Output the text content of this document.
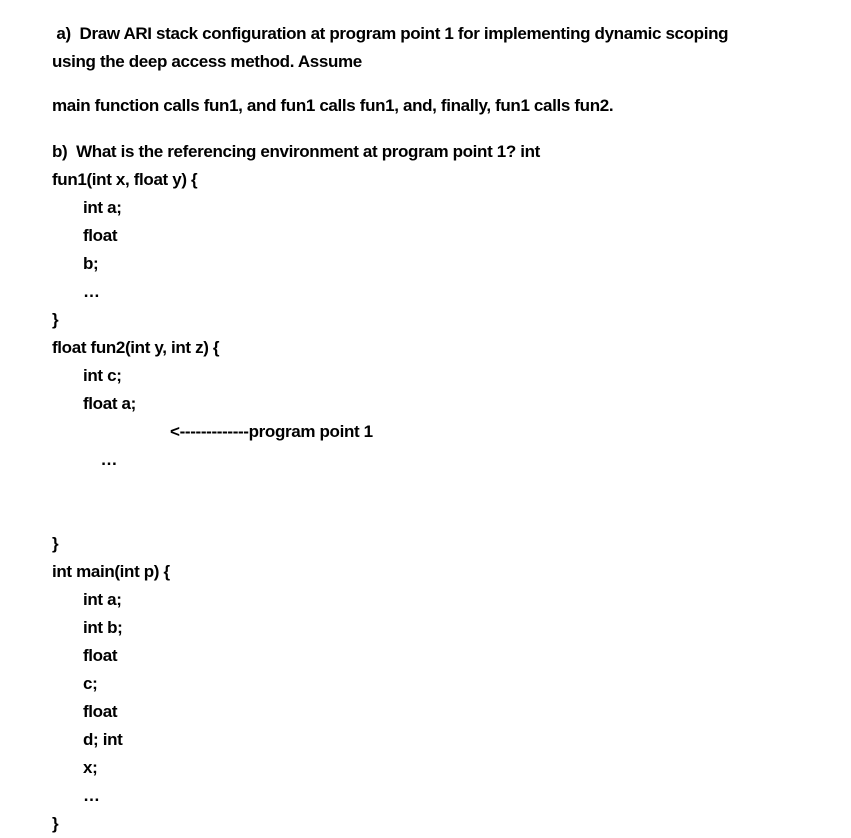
a)  Draw ARI stack configuration at program point 1 for implementing dynamic scoping
using the deep access method. Assume
main function calls fun1, and fun1 calls fun1, and, finally, fun1 calls fun2.
b)  What is the referencing environment at program point 1? int
fun1(int x, float y) {
int a;
float
b;
…
}
float fun2(int y, int z) {
int c;
float a;

…

<-------------program point 1

}
int main(int p) {
int a;
int b;
float
c;
float
d; int
x;
…
}
